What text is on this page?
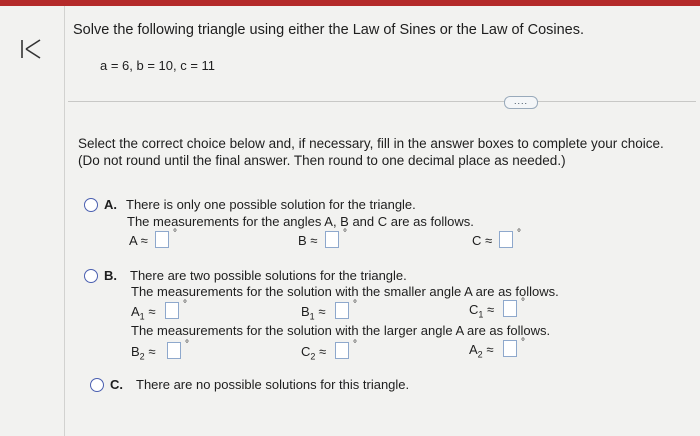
Solve the following triangle using either the Law of Sines or the Law of Cosines.
a = 6, b = 10, c = 11
....
Select the correct choice below and, if necessary, fill in the answer boxes to complete your choice.
(Do not round until the final answer. Then round to one decimal place as needed.)
A. There is only one possible solution for the triangle.
The measurements for the angles A, B and C are as follows.
A ≈	°	B ≈	°	C ≈ °
B. There are two possible solutions for the triangle.
The measurements for the solution with the smaller angle A are as follows.
$A_1$ ≈	°	$B_1$ ≈	°	$C_1$ ≈	°
The measurements for the solution with the larger angle A are as follows.
$B_2$ ≈	°	$C_2$ ≈	°	$A_2$ ≈	°
C. There are no possible solutions for this triangle.
